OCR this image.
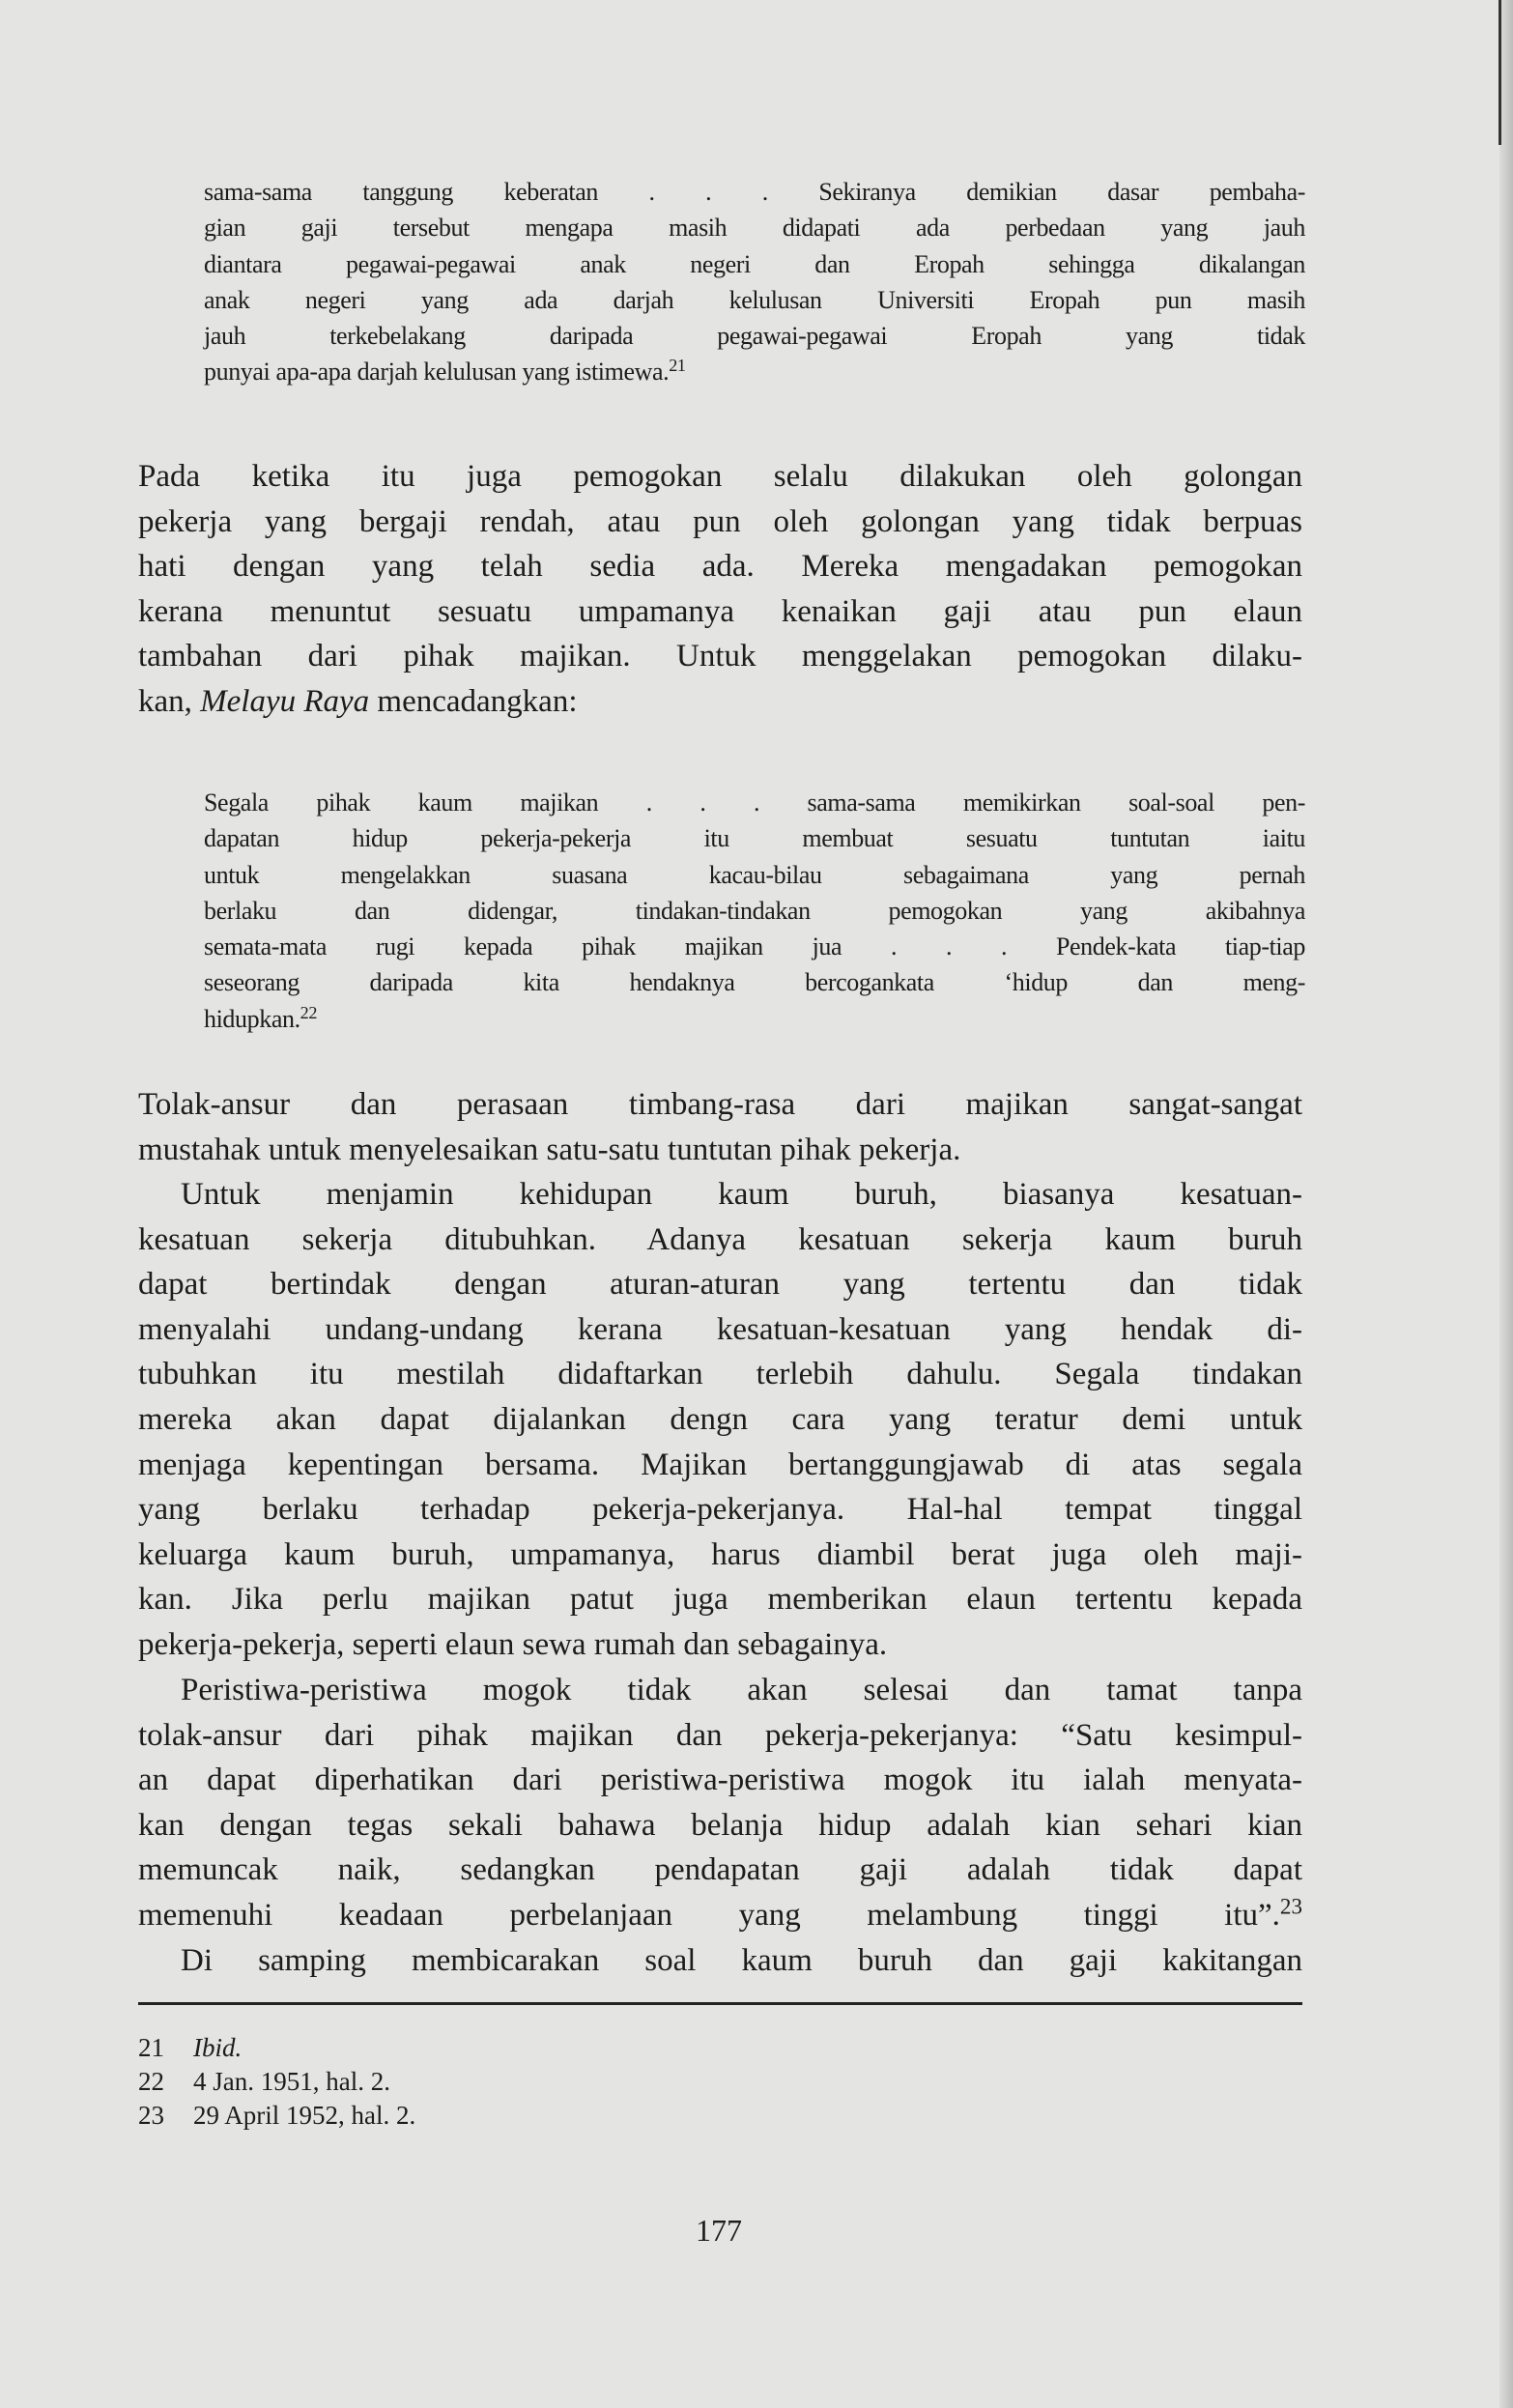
sama-sama tanggung keberatan . . . Sekiranya demikian dasar pembaha-
gian gaji tersebut mengapa masih didapati ada perbedaan yang jauh
diantara pegawai-pegawai anak negeri dan Eropah sehingga dikalangan
anak negeri yang ada darjah kelulusan Universiti Eropah pun masih
jauh terkebelakang daripada pegawai-pegawai Eropah yang tidak
punyai apa-apa darjah kelulusan yang istimewa.$^{21}$
Pada ketika itu juga pemogokan selalu dilakukan oleh golongan
pekerja yang bergaji rendah, atau pun oleh golongan yang tidak berpuas
hati dengan yang telah sedia ada. Mereka mengadakan pemogokan
kerana menuntut sesuatu umpamanya kenaikan gaji atau pun elaun
tambahan dari pihak majikan. Untuk menggelakan pemogokan dilaku-
kan, Melayu Raya mencadangkan:
Segala pihak kaum majikan . . . sama-sama memikirkan soal-soal pen-
dapatan hidup pekerja-pekerja itu membuat sesuatu tuntutan iaitu
untuk mengelakkan suasana kacau-bilau sebagaimana yang pernah
berlaku dan didengar, tindakan-tindakan pemogokan yang akibahnya
semata-mata rugi kepada pihak majikan jua . . . Pendek-kata tiap-tiap
seseorang daripada kita hendaknya bercogankata ‘hidup dan meng-
hidupkan.$^{22}$
Tolak-ansur dan perasaan timbang-rasa dari majikan sangat-sangat
mustahak untuk menyelesaikan satu-satu tuntutan pihak pekerja.
Untuk menjamin kehidupan kaum buruh, biasanya kesatuan-
kesatuan sekerja ditubuhkan. Adanya kesatuan sekerja kaum buruh
dapat bertindak dengan aturan-aturan yang tertentu dan tidak
menyalahi undang-undang kerana kesatuan-kesatuan yang hendak di-
tubuhkan itu mestilah didaftarkan terlebih dahulu. Segala tindakan
mereka akan dapat dijalankan dengn cara yang teratur demi untuk
menjaga kepentingan bersama. Majikan bertanggungjawab di atas segala
yang berlaku terhadap pekerja-pekerjanya. Hal-hal tempat tinggal
keluarga kaum buruh, umpamanya, harus diambil berat juga oleh maji-
kan. Jika perlu majikan patut juga memberikan elaun tertentu kepada
pekerja-pekerja, seperti elaun sewa rumah dan sebagainya.
Peristiwa-peristiwa mogok tidak akan selesai dan tamat tanpa
tolak-ansur dari pihak majikan dan pekerja-pekerjanya: “Satu kesimpul-
an dapat diperhatikan dari peristiwa-peristiwa mogok itu ialah menyata-
kan dengan tegas sekali bahawa belanja hidup adalah kian sehari kian
memuncak naik, sedangkan pendapatan gaji adalah tidak dapat
memenuhi keadaan perbelanjaan yang melambung tinggi itu”.$^{23}$
Di samping membicarakan soal kaum buruh dan gaji kakitangan
21	Ibid.
22	4 Jan. 1951, hal. 2.
23	29 April 1952, hal. 2.
177
